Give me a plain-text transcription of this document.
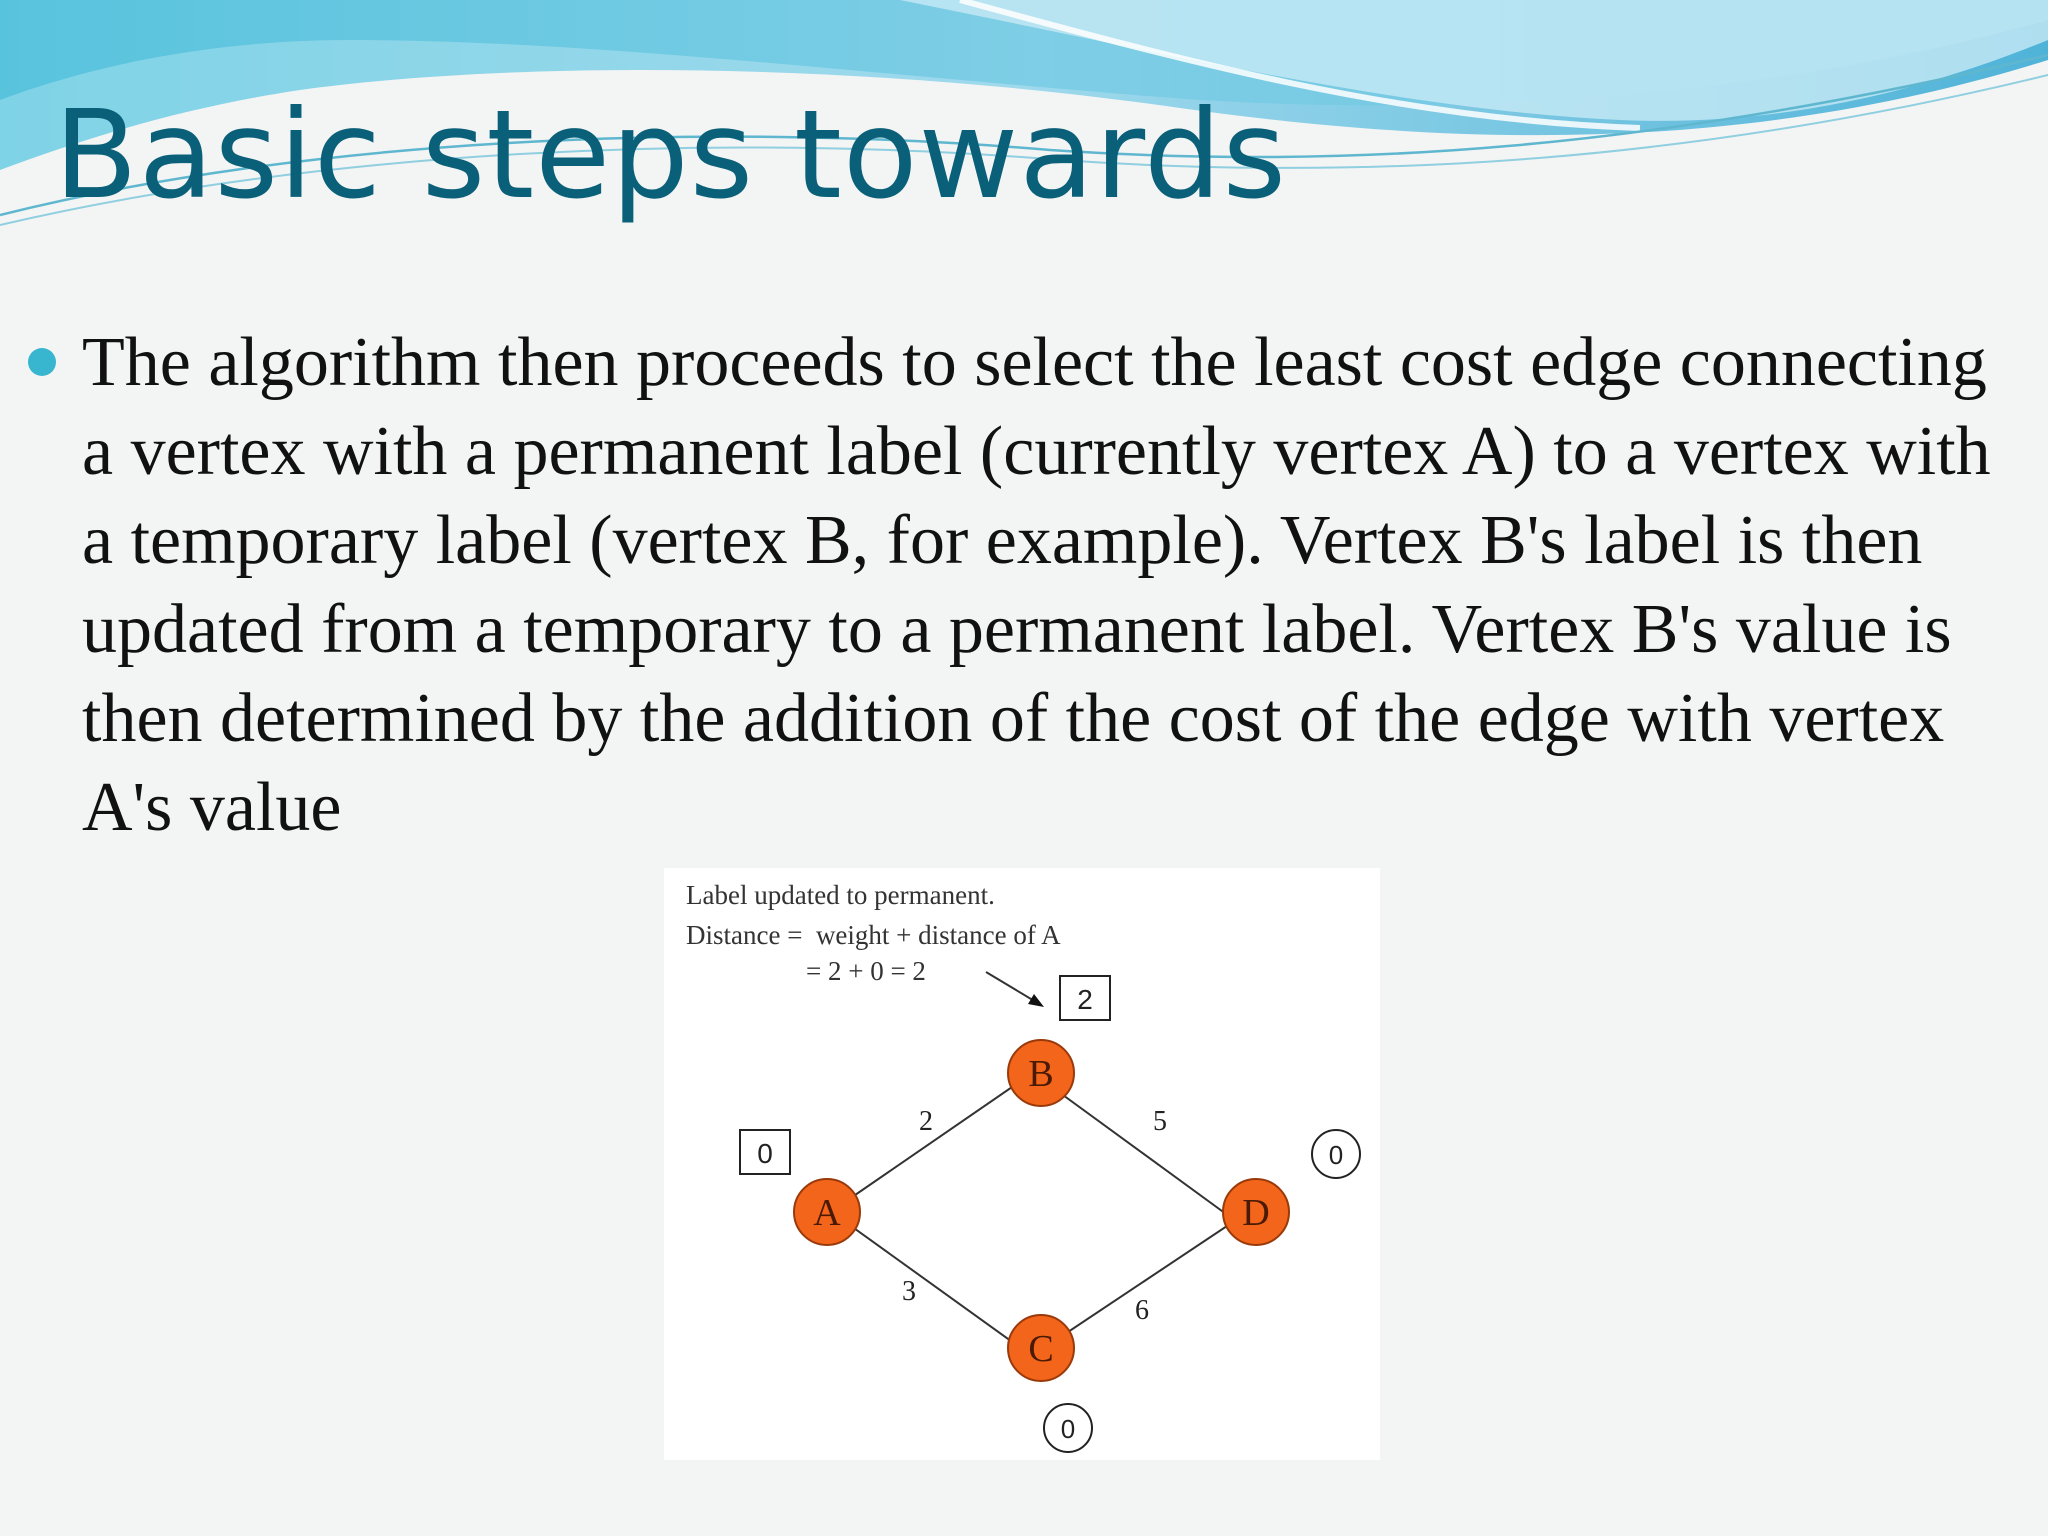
Basic steps towards

The algorithm then proceeds to select the least cost edge connecting a vertex with a permanent label (currently vertex A) to a vertex with a temporary label (vertex B, for example). Vertex B's label is then updated from a temporary to a permanent label. Vertex B's value is then determined by the addition of the cost of the edge with vertex A's value

B
A	D
C
2	5
3
6
2
0	0
0
Label updated to permanent.
Distance =  weight + distance of A
= 2 + 0 = 2
